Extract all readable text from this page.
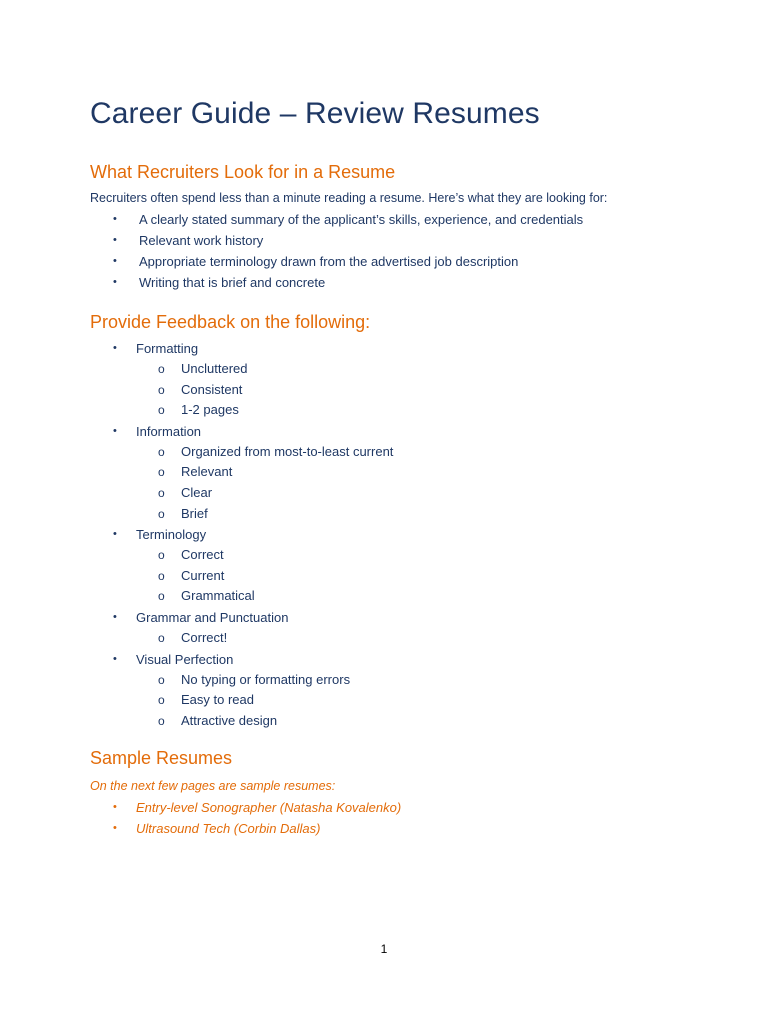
Career Guide – Review Resumes
What Recruiters Look for in a Resume

Recruiters often spend less than a minute reading a resume. Here’s what they are looking for:

•	A clearly stated summary of the applicant’s skills, experience, and credentials
•	Relevant work history
•	Appropriate terminology drawn from the advertised job description
•	Writing that is brief and concrete
Provide Feedback on the following:
•	Formatting
o Uncluttered
o Consistent
o 1-2 pages
•	Information
o Organized from most-to-least current
o Relevant
o Clear
o Brief
•	Terminology
o Correct
o Current
o Grammatical
•	Grammar and Punctuation
o Correct!
•	Visual Perfection
o No typing or formatting errors
o Easy to read
o Attractive design
Sample Resumes

On the next few pages are sample resumes:

•	Entry-level Sonographer (Natasha Kovalenko)
•	Ultrasound Tech (Corbin Dallas)
1
